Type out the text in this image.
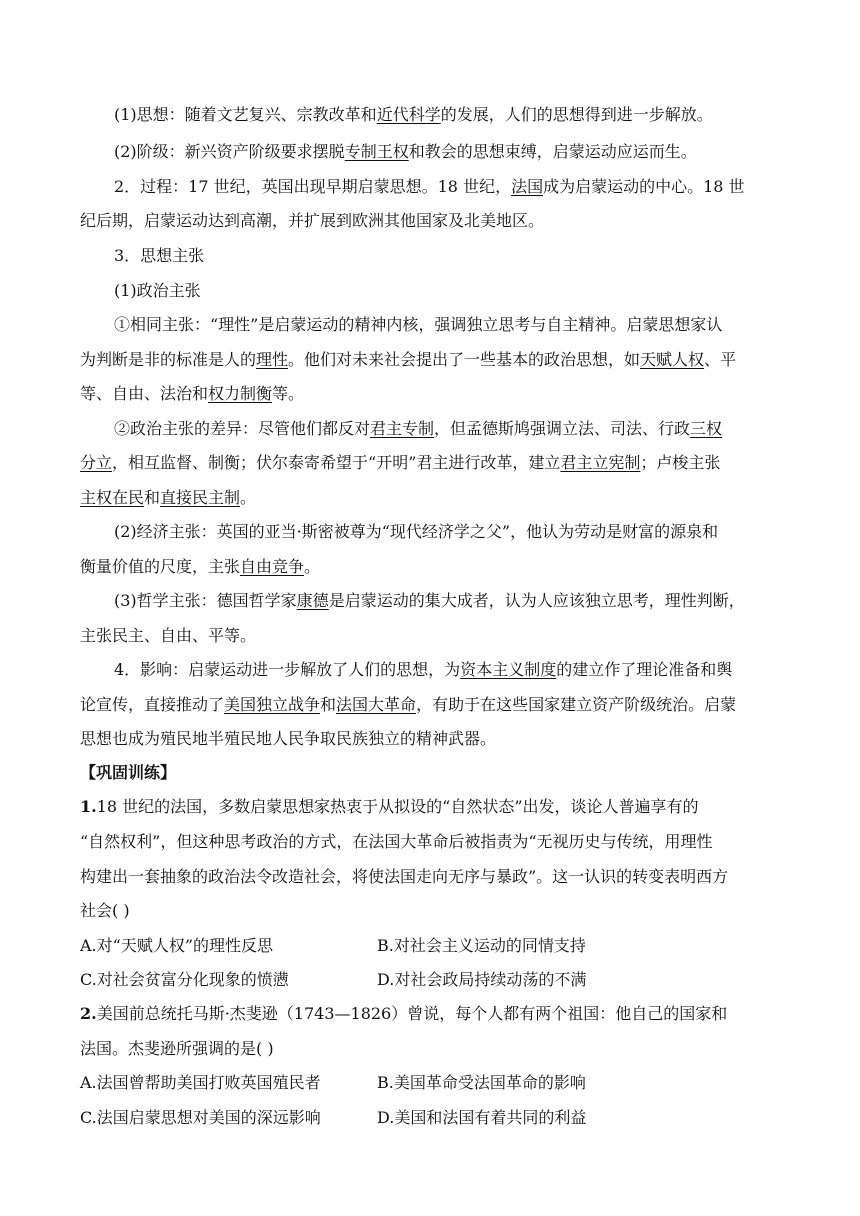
(1)思想：随着文艺复兴、宗教改革和近代科学的发展，人们的思想得到进一步解放。
(2)阶级：新兴资产阶级要求摆脱专制王权和教会的思想束缚，启蒙运动应运而生。
2．过程：17 世纪，英国出现早期启蒙思想。18 世纪，法国成为启蒙运动的中心。18 世
纪后期，启蒙运动达到高潮，并扩展到欧洲其他国家及北美地区。
3．思想主张
(1)政治主张
①相同主张：“理性”是启蒙运动的精神内核，强调独立思考与自主精神。启蒙思想家认
为判断是非的标准是人的理性。他们对未来社会提出了一些基本的政治思想，如天赋人权、平
等、自由、法治和权力制衡等。
②政治主张的差异：尽管他们都反对君主专制，但孟德斯鸠强调立法、司法、行政三权
分立，相互监督、制衡；伏尔泰寄希望于“开明”君主进行改革，建立君主立宪制；卢梭主张
主权在民和直接民主制。
(2)经济主张：英国的亚当·斯密被尊为“现代经济学之父”，他认为劳动是财富的源泉和
衡量价值的尺度，主张自由竞争。
(3)哲学主张：德国哲学家康德是启蒙运动的集大成者，认为人应该独立思考，理性判断，
主张民主、自由、平等。
4．影响：启蒙运动进一步解放了人们的思想，为资本主义制度的建立作了理论准备和舆
论宣传，直接推动了美国独立战争和法国大革命，有助于在这些国家建立资产阶级统治。启蒙
思想也成为殖民地半殖民地人民争取民族独立的精神武器。
【巩固训练】
1.18 世纪的法国，多数启蒙思想家热衷于从拟设的“自然状态”出发，谈论人普遍享有的
“自然权利”，但这种思考政治的方式，在法国大革命后被指责为“无视历史与传统，用理性
构建出一套抽象的政治法令改造社会，将使法国走向无序与暴政”。这一认识的转变表明西方
社会( )
A.对“天赋人权”的理性反思	B.对社会主义运动的同情支持
C.对社会贫富分化现象的愤懑	D.对社会政局持续动荡的不满
2.美国前总统托马斯·杰斐逊（1743—1826）曾说，每个人都有两个祖国：他自己的国家和
法国。杰斐逊所强调的是( )
A.法国曾帮助美国打败英国殖民者	B.美国革命受法国革命的影响
C.法国启蒙思想对美国的深远影响	D.美国和法国有着共同的利益
